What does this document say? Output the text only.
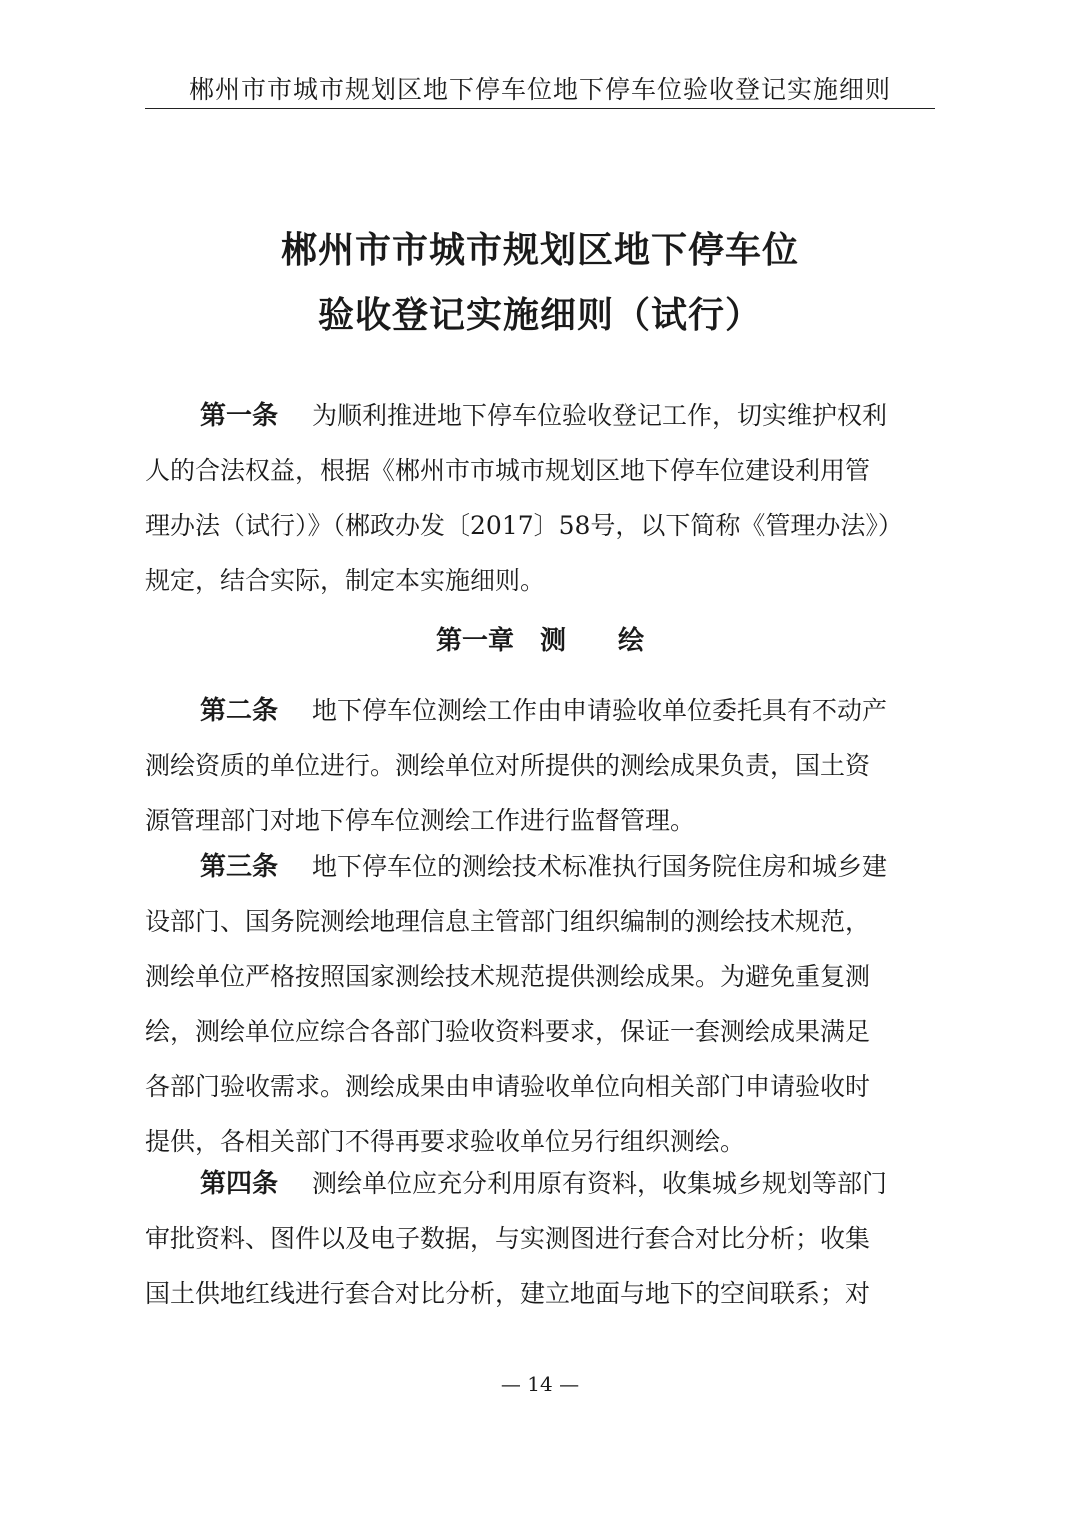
郴州市市城市规划区地下停车位地下停车位验收登记实施细则
郴州市市城市规划区地下停车位
验收登记实施细则（试行）
第一条 为顺利推进地下停车位验收登记工作，切实维护权利
人的合法权益，根据《郴州市市城市规划区地下停车位建设利用管
理办法（试行）》（郴政办发〔2017〕58号，以下简称《管理办法》）
规定，结合实际，制定本实施细则。
第一章　测　　绘
第二条 地下停车位测绘工作由申请验收单位委托具有不动产
测绘资质的单位进行。测绘单位对所提供的测绘成果负责，国土资
源管理部门对地下停车位测绘工作进行监督管理。
第三条 地下停车位的测绘技术标准执行国务院住房和城乡建
设部门、国务院测绘地理信息主管部门组织编制的测绘技术规范，
测绘单位严格按照国家测绘技术规范提供测绘成果。为避免重复测
绘，测绘单位应综合各部门验收资料要求，保证一套测绘成果满足
各部门验收需求。测绘成果由申请验收单位向相关部门申请验收时
提供，各相关部门不得再要求验收单位另行组织测绘。
第四条 测绘单位应充分利用原有资料，收集城乡规划等部门
审批资料、图件以及电子数据，与实测图进行套合对比分析；收集
国土供地红线进行套合对比分析，建立地面与地下的空间联系；对
— 14 —
